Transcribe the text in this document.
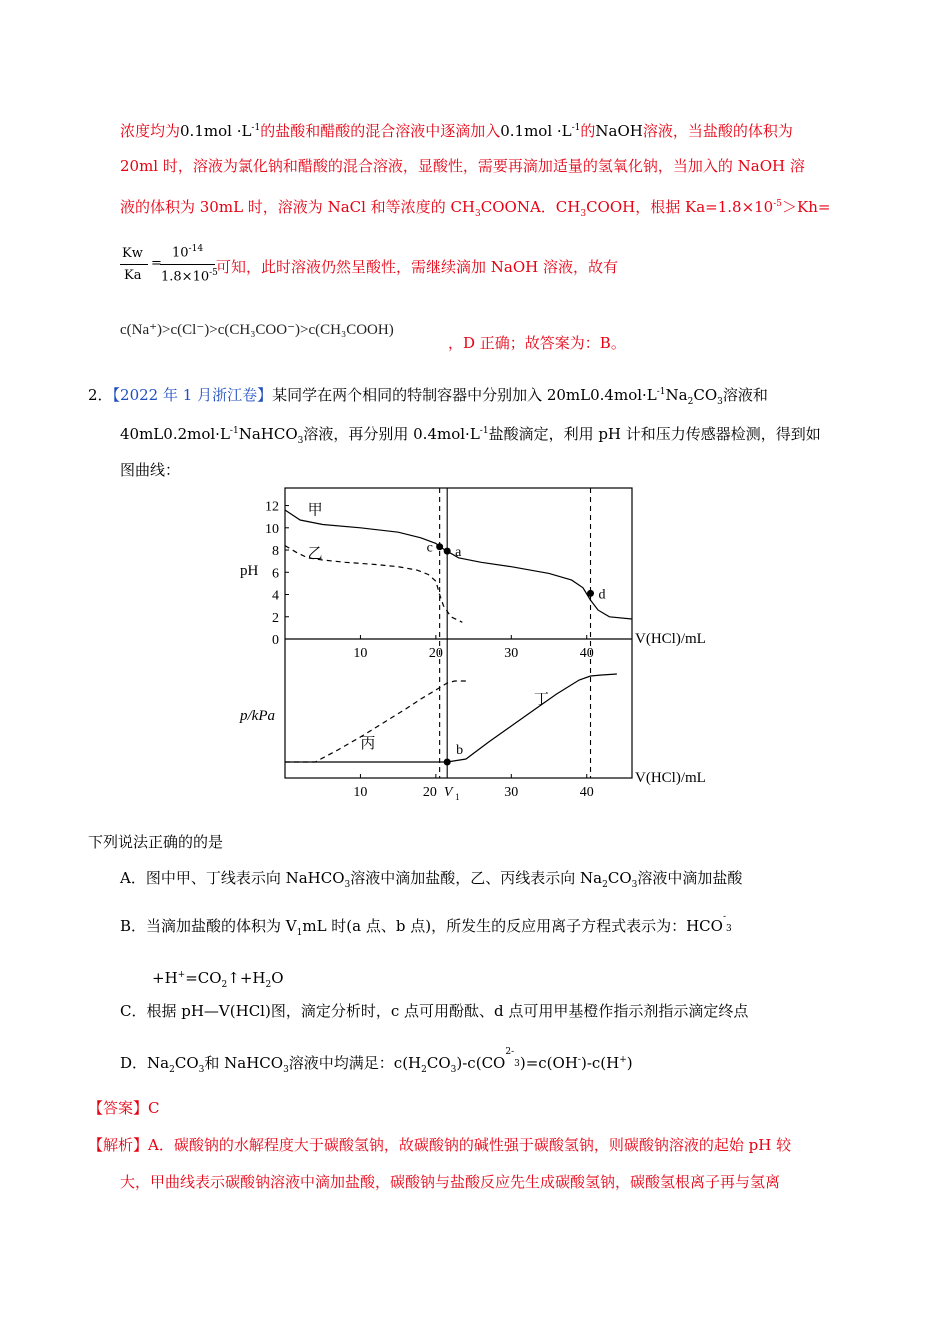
浓度均为$0.1mol \cdot L^{-1}$的盐酸和醋酸的混合溶液中逐滴加入$0.1mol \cdot L^{-1}$的NaOH溶液，当盐酸的体积为
20ml 时，溶液为氯化钠和醋酸的混合溶液，显酸性，需要再滴加适量的氢氧化钠，当加入的 NaOH 溶
液的体积为 30mL 时，溶液为 NaCl 和等浓度的 $CH_3COONA$．$CH_3COOH$，根据 $Ka=1.8\times 10^{-5}>Kh=$
Kw
Ka
=
$10^{-14}$
$1.8\times 10^{-5}$
可知，此时溶液仍然呈酸性，需继续滴加 NaOH 溶液，故有
c(Na⁺)>c(Cl⁻)>c(CH₃COO⁻)>c(CH₃COOH)
，D 正确；故答案为：B。
2．【2022 年 1 月浙江卷】某同学在两个相同的特制容器中分别加入 $20mL0.4mol\cdot L^{-1}Na_2CO_3$溶液和
$40mL0.2mol\cdot L^{-1}NaHCO_3$溶液，再分别用 $0.4mol\cdot L^{-1}$盐酸滴定，利用 pH 计和压力传感器检测，得到如
图曲线：
0
2
4
6
8
10
12
10	20	30	40
10	20	30	40
V 1
V(HCl)/mL
V(HCl)/mL
pH
p/kPa
甲
乙
丙
丁
c a
d
b
下列说法正确的的是
A．图中甲、丁线表示向 NaHCO$_3$溶液中滴加盐酸，乙、丙线表示向 $Na_2CO_3$溶液中滴加盐酸
B．当滴加盐酸的体积为 $V_1mL$ 时(a 点、b 点)，所发生的反应用离子方程式表示为：$HCO^-_3$
$+H^+=CO_2↑+H_2O$
C．根据 pH—V(HCl)图，滴定分析时，c 点可用酚酞、d 点可用甲基橙作指示剂指示滴定终点
D．$Na_2CO_3$和 NaHCO$_3$溶液中均满足：$c(H_2CO_3)-c(CO^{2-}_3)=c(OH^-)-c(H^+)$
【答案】C
【解析】A．碳酸钠的水解程度大于碳酸氢钠，故碳酸钠的碱性强于碳酸氢钠，则碳酸钠溶液的起始 pH 较
大，甲曲线表示碳酸钠溶液中滴加盐酸，碳酸钠与盐酸反应先生成碳酸氢钠，碳酸氢根离子再与氢离
